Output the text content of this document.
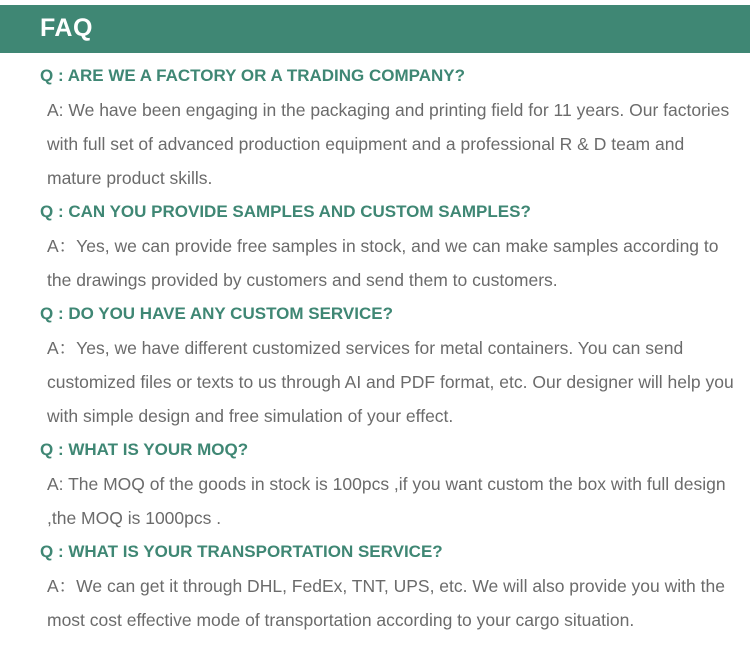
FAQ
Q : ARE WE A FACTORY OR A TRADING COMPANY?

A: We have been engaging in the packaging and printing field for 11 years. Our factories with full set of advanced production equipment and a professional R & D team and mature product skills.

Q : CAN YOU PROVIDE SAMPLES AND CUSTOM SAMPLES?

A：Yes, we can provide free samples in stock, and we can make samples according to the drawings provided by customers and send them to customers.

Q : DO YOU HAVE ANY CUSTOM SERVICE?

A：Yes, we have different customized services for metal containers. You can send customized files or texts to us through AI and PDF format, etc. Our designer will help you with simple design and free simulation of your effect.

Q : WHAT IS YOUR MOQ?

A: The MOQ of the goods in stock is 100pcs ,if you want custom the box with full design ,the MOQ is 1000pcs .

Q : WHAT IS YOUR TRANSPORTATION SERVICE?

A：We can get it through DHL, FedEx, TNT, UPS, etc. We will also provide you with the most cost effective mode of transportation according to your cargo situation.
